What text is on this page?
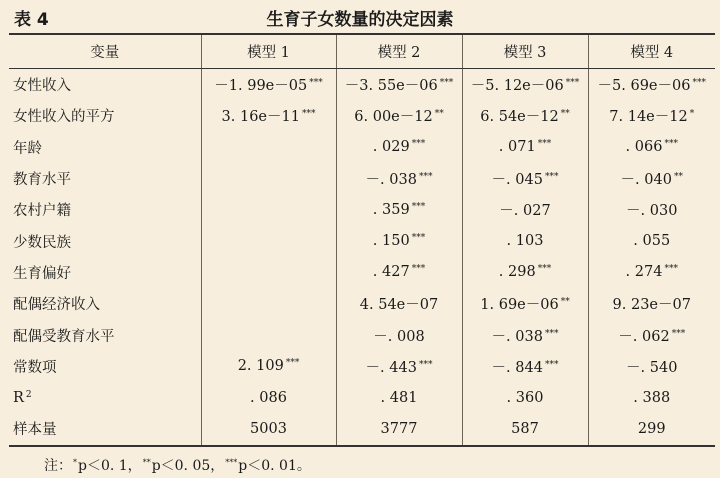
表 4	生育子女数量的决定因素
变量	模型 1	模型 2	模型 3	模型 4
女性收入	－1. 99e－05 ***	－3. 55e－06 ***	－5. 12e－06 ***	－5. 69e－06 ***
女性收入的平方	3. 16e－11 ***	6. 00e－12 **	6. 54e－12 **	7. 14e－12 *
年龄		. 029 ***	. 071 ***	. 066 ***
教育水平		－. 038 ***	－. 045 ***	－. 040 **
农村户籍		. 359 ***	－. 027	－. 030
少数民族		. 150 ***	. 103	. 055
生育偏好		. 427 ***	. 298 ***	. 274 ***
配偶经济收入		4. 54e－07	1. 69e－06 **	9. 23e－07
配偶受教育水平		－. 008	－. 038 ***	－. 062 ***
常数项	2. 109 ***	－. 443 ***	－. 844 ***	－. 540
R $^2$	. 086	. 481	. 360	. 388
样本量	5003	3777	587	299
注：*p＜0. 1，**p＜0. 05，***p＜0. 01。
